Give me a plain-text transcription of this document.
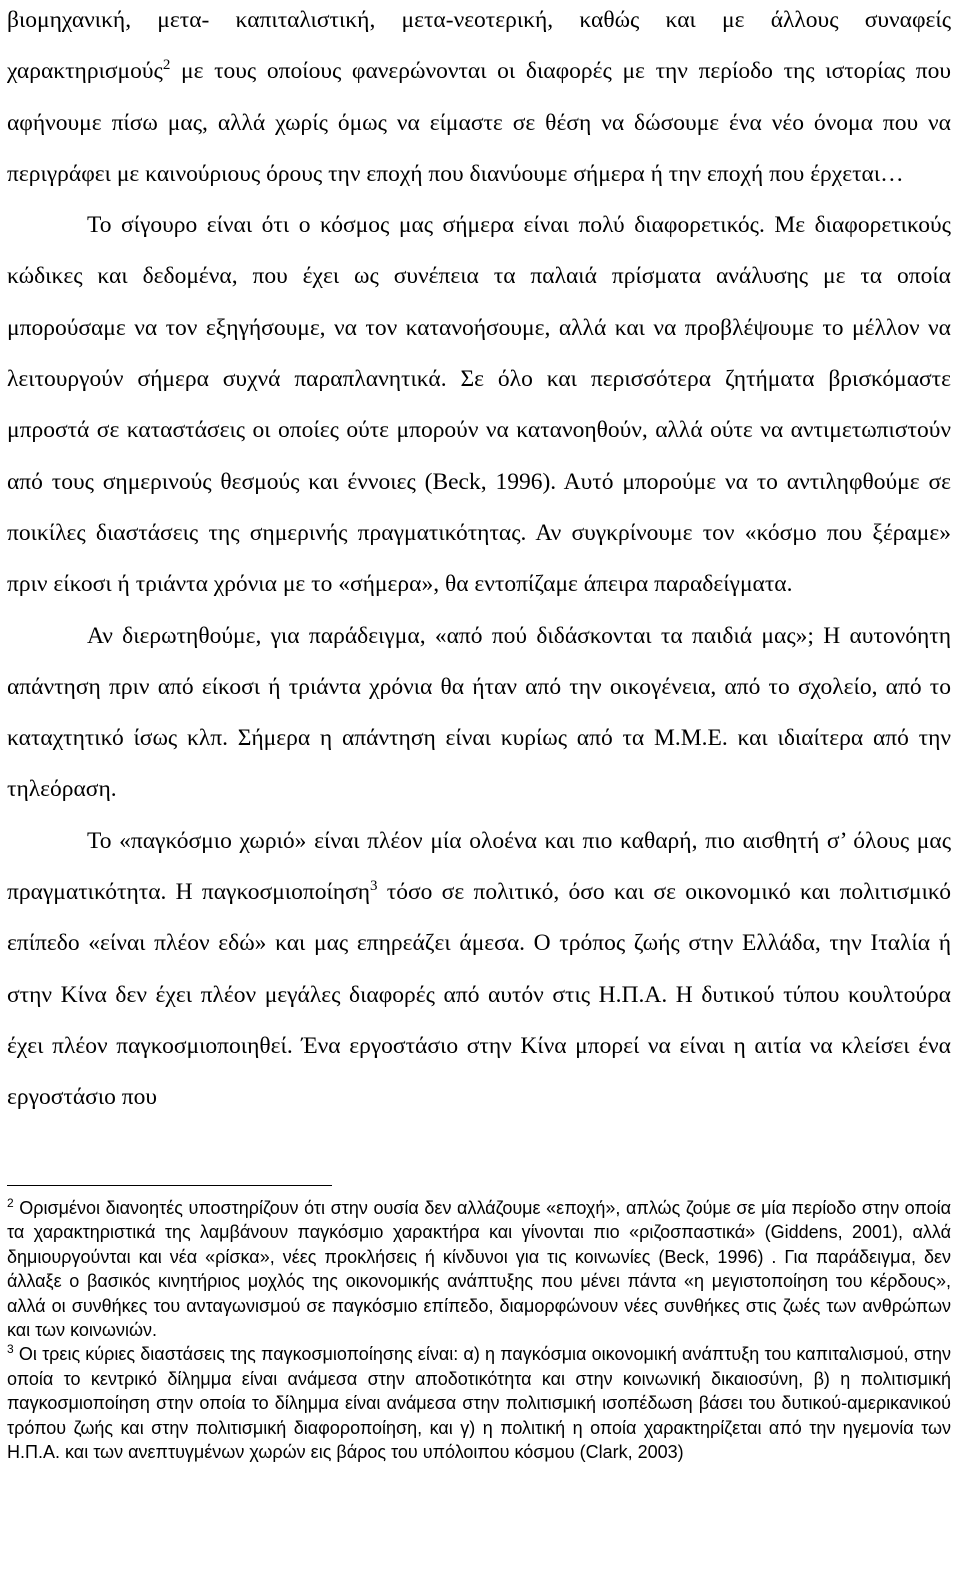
βιομηχανική, μετα- καπιταλιστική, μετα-νεοτερική, καθώς και με άλλους συναφείς χαρακτηρισμούς$^2$ με τους οποίους φανερώνονται οι διαφορές με την περίοδο της ιστορίας που αφήνουμε πίσω μας, αλλά χωρίς όμως να είμαστε σε θέση να δώσουμε ένα νέο όνομα που να περιγράφει με καινούριους όρους την εποχή που διανύουμε σήμερα ή την εποχή που έρχεται…

Το σίγουρο είναι ότι ο κόσμος μας σήμερα είναι πολύ διαφορετικός. Με διαφορετικούς κώδικες και δεδομένα, που έχει ως συνέπεια τα παλαιά πρίσματα ανάλυσης με τα οποία μπορούσαμε να τον εξηγήσουμε, να τον κατανοήσουμε, αλλά και να προβλέψουμε το μέλλον να λειτουργούν σήμερα συχνά παραπλανητικά. Σε όλο και περισσότερα ζητήματα βρισκόμαστε μπροστά σε καταστάσεις οι οποίες ούτε μπορούν να κατανοηθούν, αλλά ούτε να αντιμετωπιστούν από τους σημερινούς θεσμούς και έννοιες (Beck, 1996). Αυτό μπορούμε να το αντιληφθούμε σε ποικίλες διαστάσεις της σημερινής πραγματικότητας. Αν συγκρίνουμε τον «κόσμο που ξέραμε» πριν είκοσι ή τριάντα χρόνια με το «σήμερα», θα εντοπίζαμε άπειρα παραδείγματα.

Αν διερωτηθούμε, για παράδειγμα, «από πού διδάσκονται τα παιδιά μας»; Η αυτονόητη απάντηση πριν από είκοσι ή τριάντα χρόνια θα ήταν από την οικογένεια, από το σχολείο, από το καταχτητικό ίσως κλπ. Σήμερα η απάντηση είναι κυρίως από τα Μ.Μ.Ε. και ιδιαίτερα από την τηλεόραση.

Το «παγκόσμιο χωριό» είναι πλέον μία ολοένα και πιο καθαρή, πιο αισθητή σ’ όλους μας πραγματικότητα. Η παγκοσμιοποίηση$^3$ τόσο σε πολιτικό, όσο και σε οικονομικό και πολιτισμικό επίπεδο «είναι πλέον εδώ» και μας επηρεάζει άμεσα. Ο τρόπος ζωής στην Ελλάδα, την Ιταλία ή στην Κίνα δεν έχει πλέον μεγάλες διαφορές από αυτόν στις Η.Π.Α. Η δυτικού τύπου κουλτούρα έχει πλέον παγκοσμιοποιηθεί. Ένα εργοστάσιο στην Κίνα μπορεί να είναι η αιτία να κλείσει ένα εργοστάσιο που

$^2$ Ορισμένοι διανοητές υποστηρίζουν ότι στην ουσία δεν αλλάζουμε «εποχή», απλώς ζούμε σε μία περίοδο στην οποία τα χαρακτηριστικά της λαμβάνουν παγκόσμιο χαρακτήρα και γίνονται πιο «ριζοσπαστικά» (Giddens, 2001), αλλά δημιουργούνται και νέα «ρίσκα», νέες προκλήσεις ή κίνδυνοι για τις κοινωνίες (Beck, 1996) . Για παράδειγμα, δεν άλλαξε ο βασικός κινητήριος μοχλός της οικονομικής ανάπτυξης που μένει πάντα «η μεγιστοποίηση του κέρδους», αλλά οι συνθήκες του ανταγωνισμού σε παγκόσμιο επίπεδο, διαμορφώνουν νέες συνθήκες στις ζωές των ανθρώπων και των κοινωνιών.

$^3$ Οι τρεις κύριες διαστάσεις της παγκοσμιοποίησης είναι: α) η παγκόσμια οικονομική ανάπτυξη του καπιταλισμού, στην οποία το κεντρικό δίλημμα είναι ανάμεσα στην αποδοτικότητα και στην κοινωνική δικαιοσύνη, β) η πολιτισμική παγκοσμιοποίηση στην οποία το δίλημμα είναι ανάμεσα στην πολιτισμική ισοπέδωση βάσει του δυτικού-αμερικανικού τρόπου ζωής και στην πολιτισμική διαφοροποίηση, και γ) η πολιτική η οποία χαρακτηρίζεται από την ηγεμονία των Η.Π.Α. και των ανεπτυγμένων χωρών εις βάρος του υπόλοιπου κόσμου (Clark, 2003)
